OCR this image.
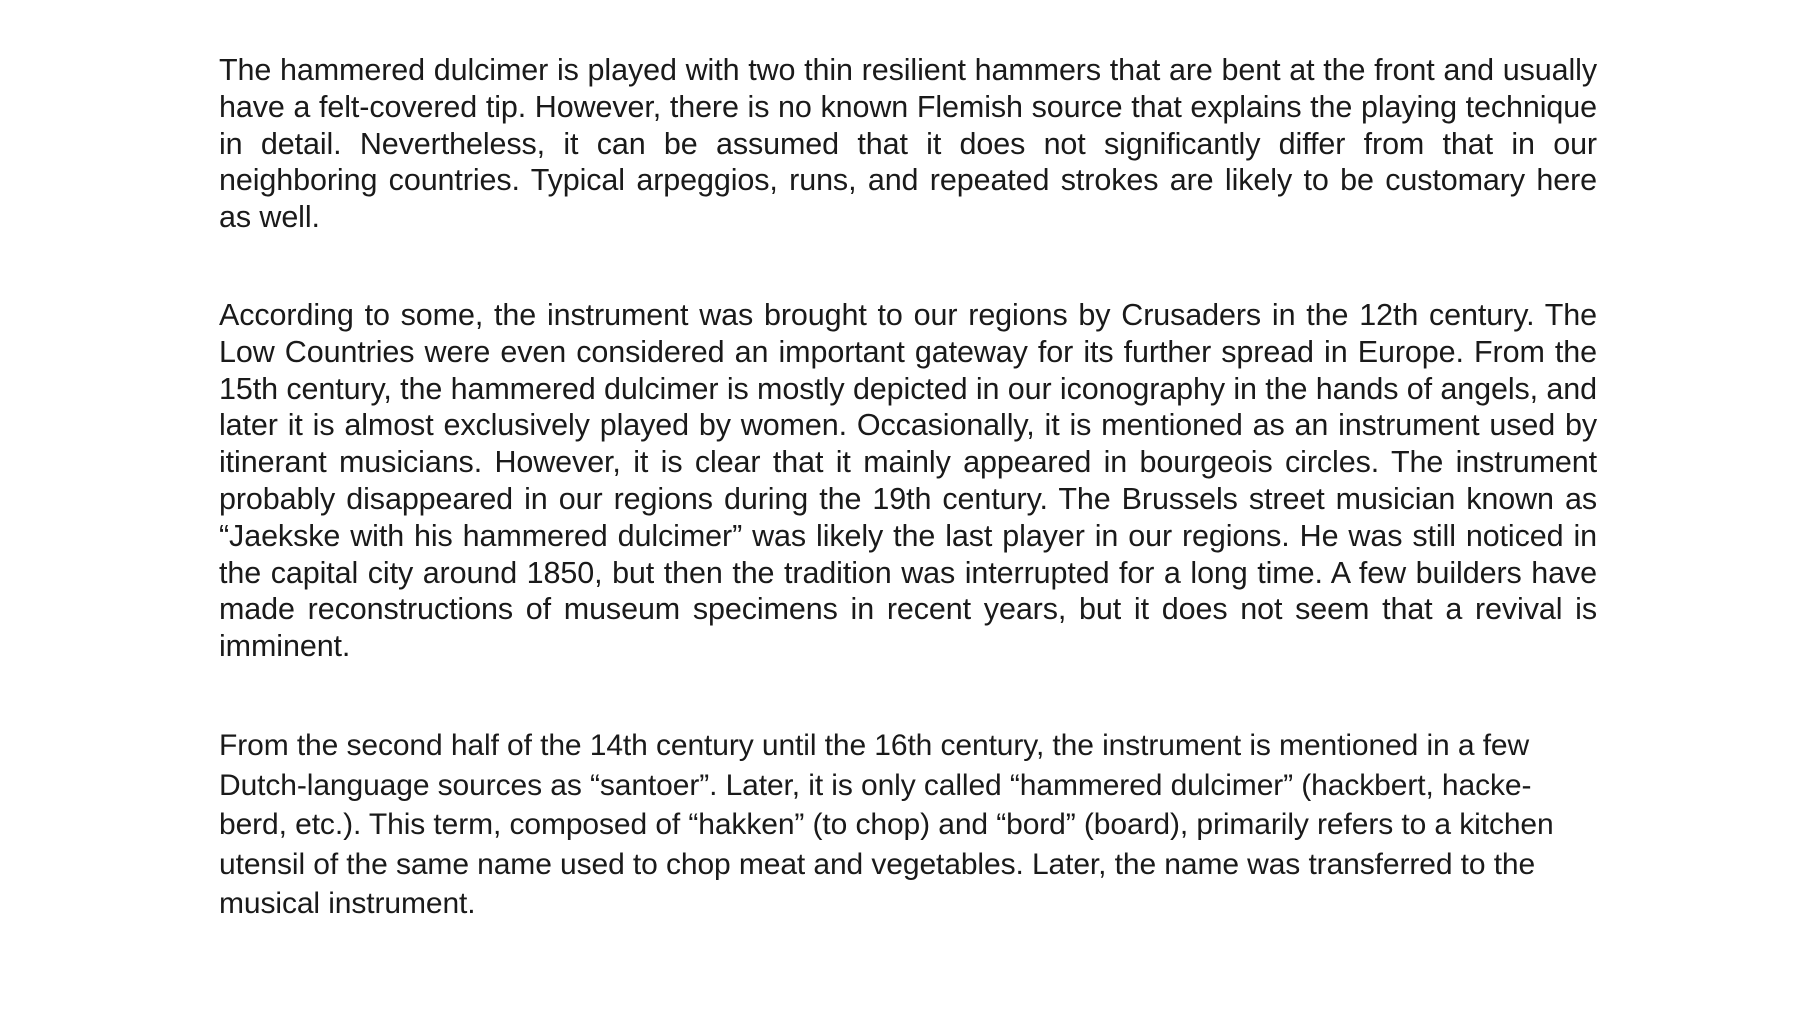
The hammered dulcimer is played with two thin resilient hammers that are bent at the front and usually have a felt-covered tip. However, there is no known Flemish source that explains the playing technique in detail. Nevertheless, it can be assumed that it does not significantly differ from that in our neighboring countries. Typical arpeggios, runs, and repeated strokes are likely to be customary here as well.

According to some, the instrument was brought to our regions by Crusaders in the 12th century. The Low Countries were even considered an important gateway for its further spread in Europe. From the 15th century, the hammered dulcimer is mostly depicted in our iconography in the hands of angels, and later it is almost exclusively played by women. Occasionally, it is mentioned as an instrument used by itinerant musicians. However, it is clear that it mainly appeared in bourgeois circles. The instrument probably disappeared in our regions during the 19th century. The Brussels street musician known as “Jaekske with his hammered dulcimer” was likely the last player in our regions. He was still noticed in the capital city around 1850, but then the tradition was interrupted for a long time. A few builders have made reconstructions of museum specimens in recent years, but it does not seem that a revival is imminent.

From the second half of the 14th century until the 16th century, the instrument is mentioned in a few Dutch-language sources as “santoer”. Later, it is only called “hammered dulcimer” (hackbert, hacke-berd, etc.). This term, composed of “hakken” (to chop) and “bord” (board), primarily refers to a kitchen utensil of the same name used to chop meat and vegetables. Later, the name was transferred to the musical instrument.
